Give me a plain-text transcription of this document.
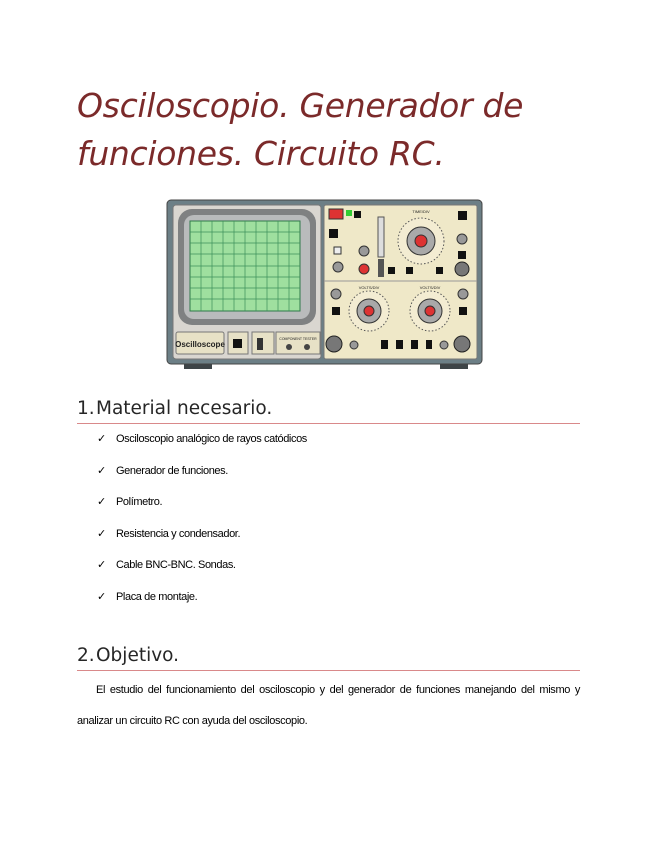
Osciloscopio. Generador de funciones. Circuito RC.
Oscilloscope
COMPONENT TESTER
TIME/DIV
VOLTS/DIV	VOLTS/DIV
1.Material necesario.
✓ Osciloscopio analógico de rayos catódicos
✓ Generador de funciones.
✓ Polímetro.
✓ Resistencia y condensador.
✓ Cable BNC-BNC. Sondas.
✓ Placa de montaje.
2.Objetivo.

El estudio del funcionamiento del osciloscopio y del generador de funciones manejando del mismo y analizar un circuito RC con ayuda del osciloscopio.
